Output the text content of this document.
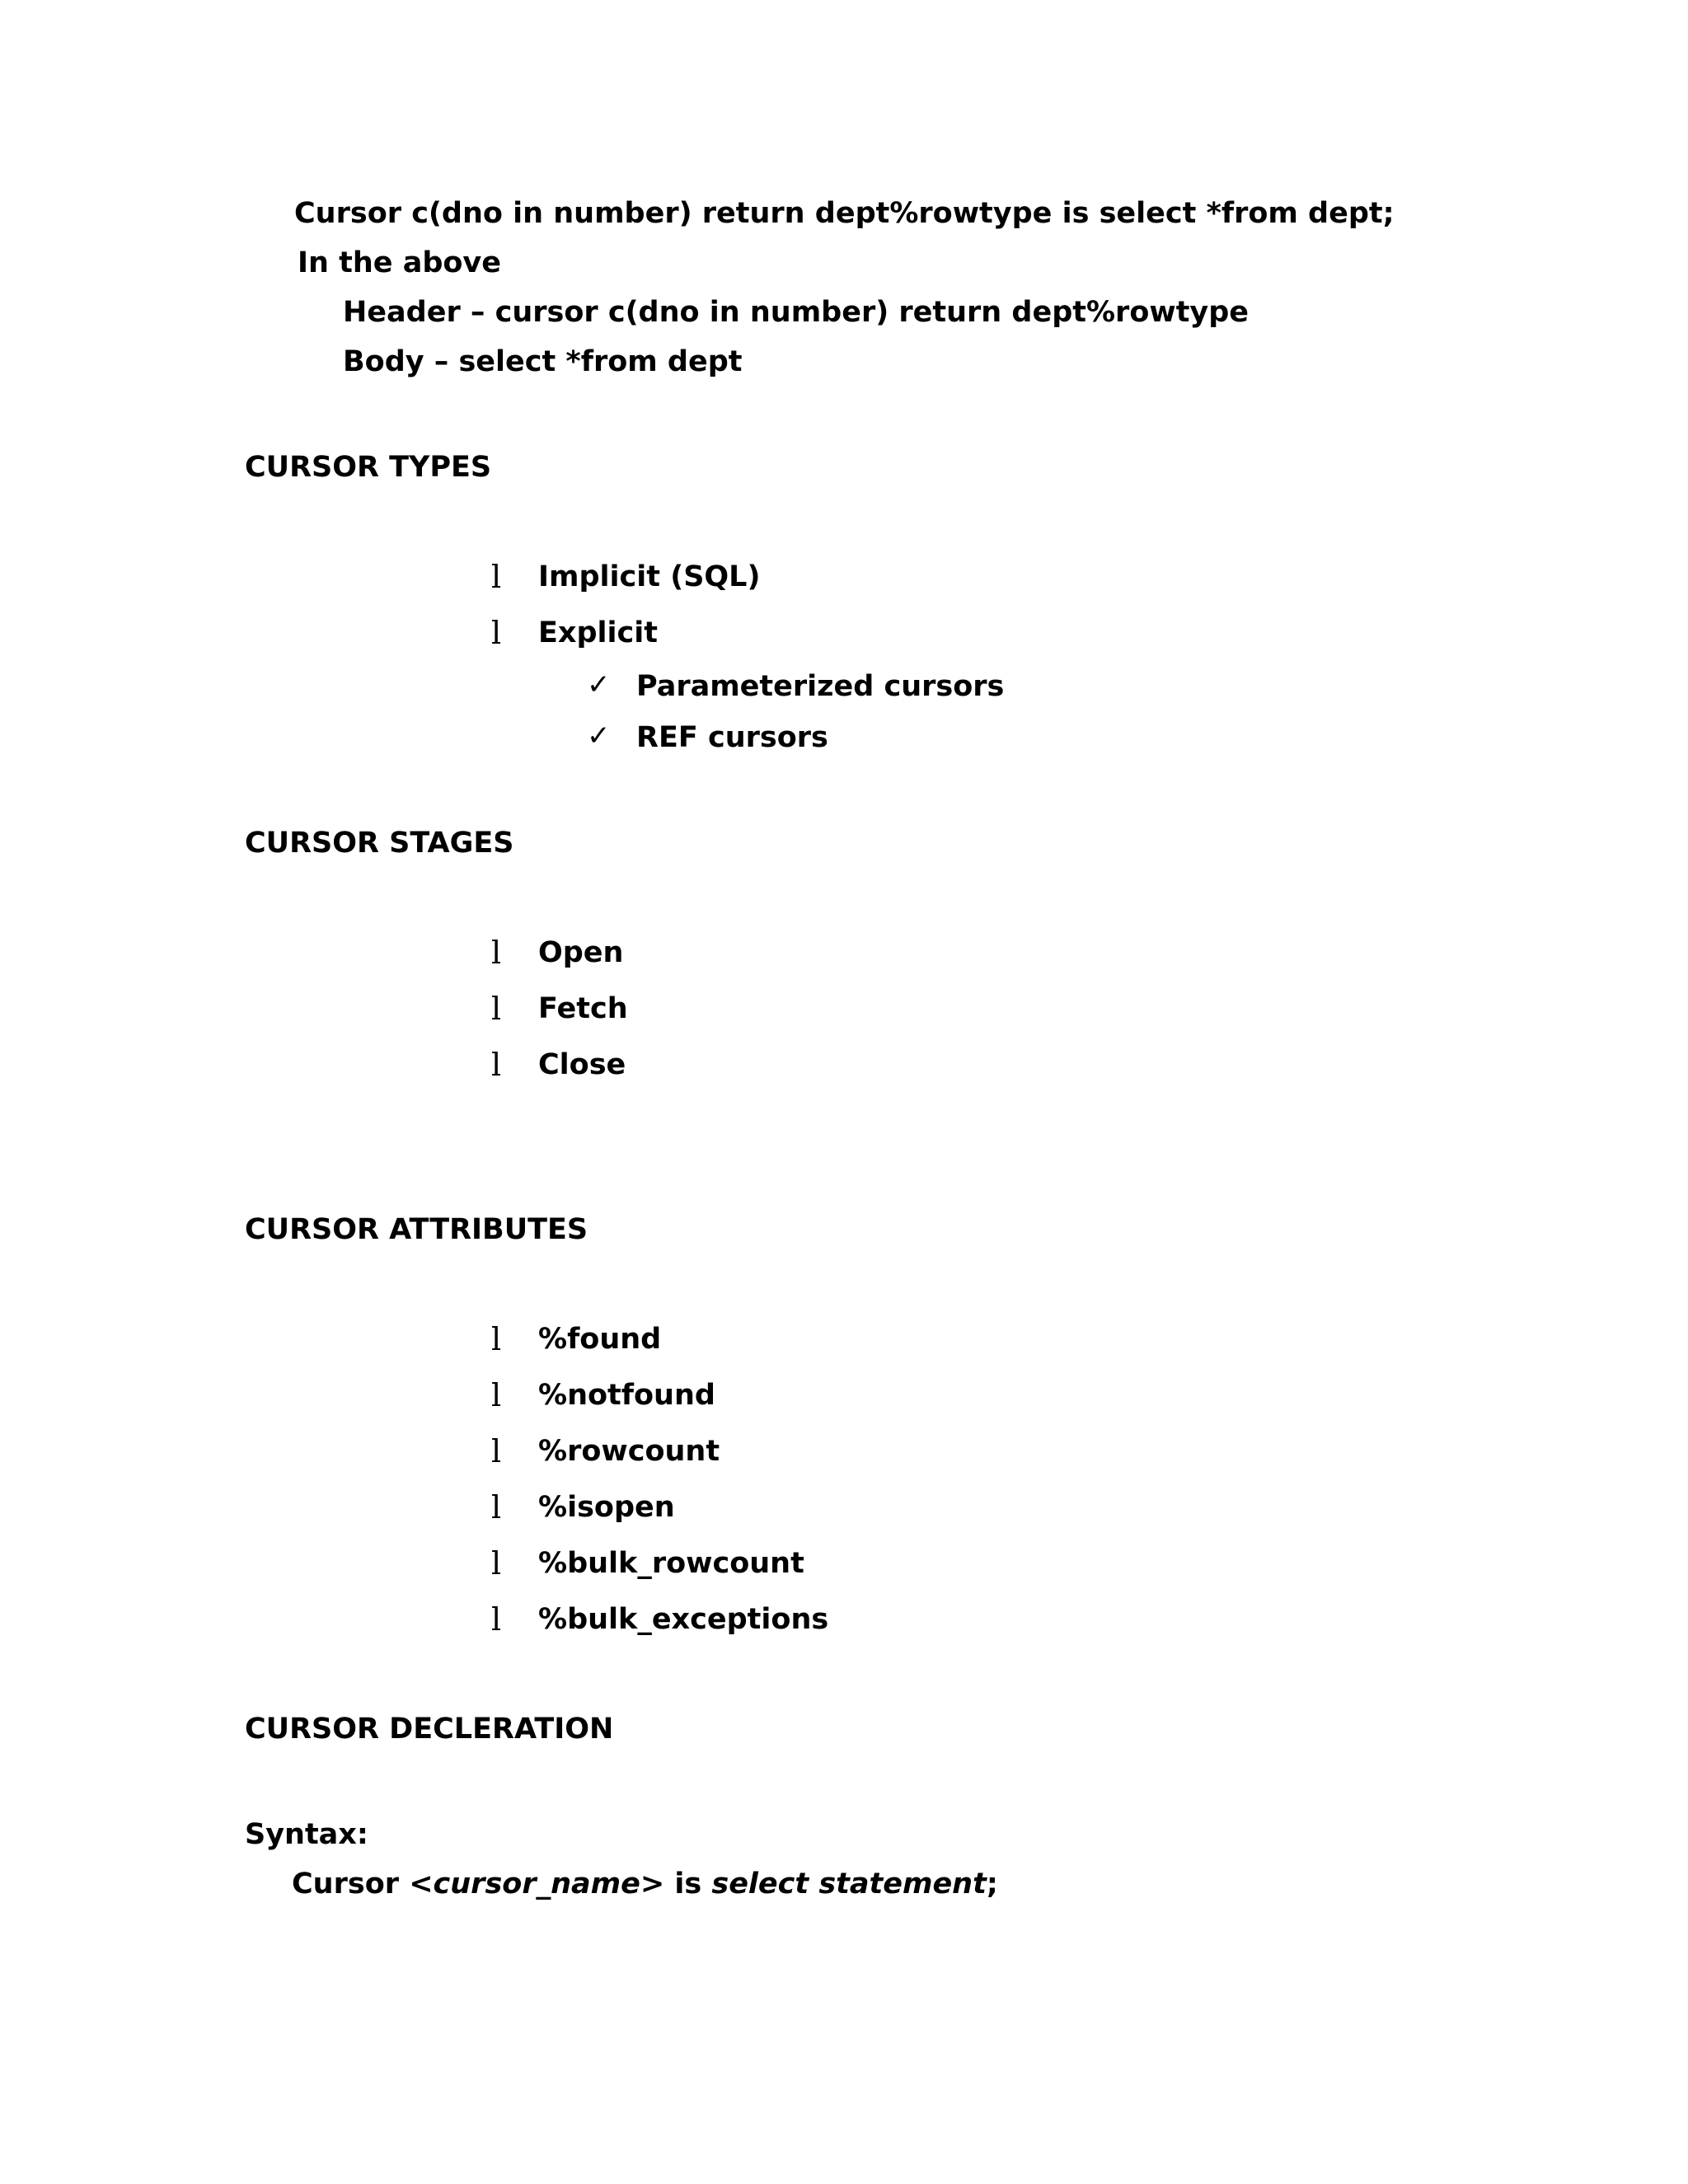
Cursor c(dno in number) return dept%rowtype is select *from dept;
In the above
Header – cursor c(dno in number) return dept%rowtype
Body – select *from dept
CURSOR TYPES
l Implicit (SQL)
l Explicit
✓ Parameterized cursors
✓ REF cursors
CURSOR STAGES
l Open
l Fetch
l Close
CURSOR ATTRIBUTES
l %found
l %notfound
l %rowcount
l %isopen
l %bulk_rowcount
l %bulk_exceptions
CURSOR DECLERATION
Syntax:
Cursor <cursor_name> is select statement;
